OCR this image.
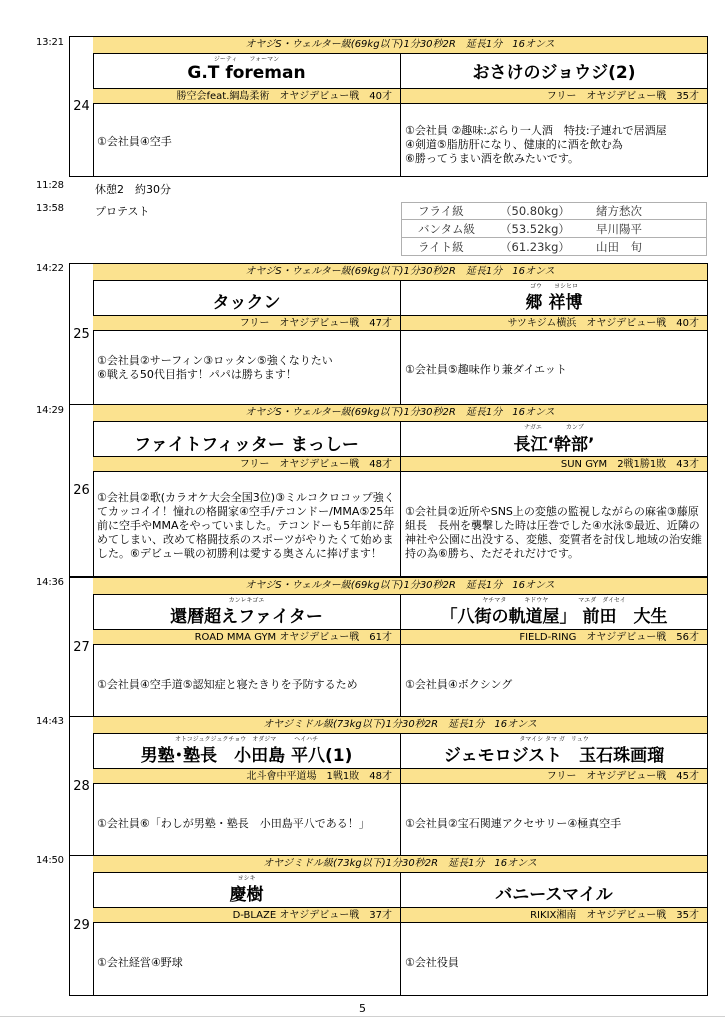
13:21
24
オヤジS・ウェルター級(69kg以下)1分30秒2R　延長1分　16オンス
ジーティ　　フォーマン
G.T foreman
勝空会feat.綱島柔術　オヤジデビュー戦　40才
①会社員④空手
おさけのジョウジ(2)
フリー　オヤジデビュー戦　35才
①会社員 ②趣味:ぶらり一人酒　特技:子連れで居酒屋
④剣道⑤脂肪肝になり、健康的に酒を飲む為
⑥勝ってうまい酒を飲みたいです。
11:28	休憩2　約30分
13:58	プロテスト	フライ級	（50.80kg）	緒方愁次
バンタム級	（53.52kg）	早川陽平
ライト級	（61.23kg）	山田　旬
14:22
25
オヤジS・ウェルター級(69kg以下)1分30秒2R　延長1分　16オンス
タックン
フリー　オヤジデビュー戦　47才
①会社員②サーフィン③ロッタン⑤強くなりたい
⑥戦える50代目指す！パパは勝ちます！
ゴウ　　ヨシヒロ
郷 祥博
サツキジム横浜　オヤジデビュー戦　40才
①会社員⑤趣味作り兼ダイエット
14:29
26
オヤジS・ウェルター級(69kg以下)1分30秒2R　延長1分　16オンス
ファイトフィッター まっしー
フリー　オヤジデビュー戦　48才
①会社員②歌(カラオケ大会全国3位)③ミルコクロコップ強くてカッコイイ！憧れの格闘家④空手/テコンドー/MMA⑤25年前に空手やMMAをやっていました。テコンドーも5年前に辞めてしまい、改めて格闘技系のスポーツがやりたくて始めました。⑥デビュー戦の初勝利は愛する奥さんに捧げます！
ナガエ　　　　カンブ
長江‘幹部’
SUN GYM　2戦1勝1敗　43才
①会社員②近所やSNS上の変態の監視しながらの麻雀③藤原組長　長州を襲撃した時は圧巻でした④水泳⑤最近、近隣の神社や公園に出没する、変態、変質者を討伐し地域の治安維持の為⑥勝ち、ただそれだけです。
14:36
27
オヤジS・ウェルター級(69kg以下)1分30秒2R　延長1分　16オンス
カンレキゴエ
還暦超えファイター
ROAD MMA GYM オヤジデビュー戦　61才
①会社員④空手道⑤認知症と寝たきりを予防するため
ヤチマタ　　　キドウヤ　　　　　マエダ　ダイセイ
「八街の軌道屋」 前田　大生
FIELD-RING　オヤジデビュー戦　56才
①会社員④ボクシング
14:43
28
オヤジミドル級(73kg以下)1分30秒2R　延長1分　16オンス
オトコジュクジュクチョウ　オダジマ　　　ヘイハチ
男塾･塾長　小田島 平八(1)
北斗會中平道場　1戦1敗　48才
①会社員⑥「わしが男塾・塾長　小田島平八である！」
タマイシ タマ ガ　リュウ
ジェモロジスト　玉石珠画瑠
フリー　オヤジデビュー戦　45才
①会社員②宝石関連アクセサリー④極真空手
14:50
29
オヤジミドル級(73kg以下)1分30秒2R　延長1分　16オンス
ヨシキ
慶樹
D-BLAZE オヤジデビュー戦　37才
①会社経営④野球
バニースマイル
RIKIX湘南　オヤジデビュー戦　35才
①会社役員
5
